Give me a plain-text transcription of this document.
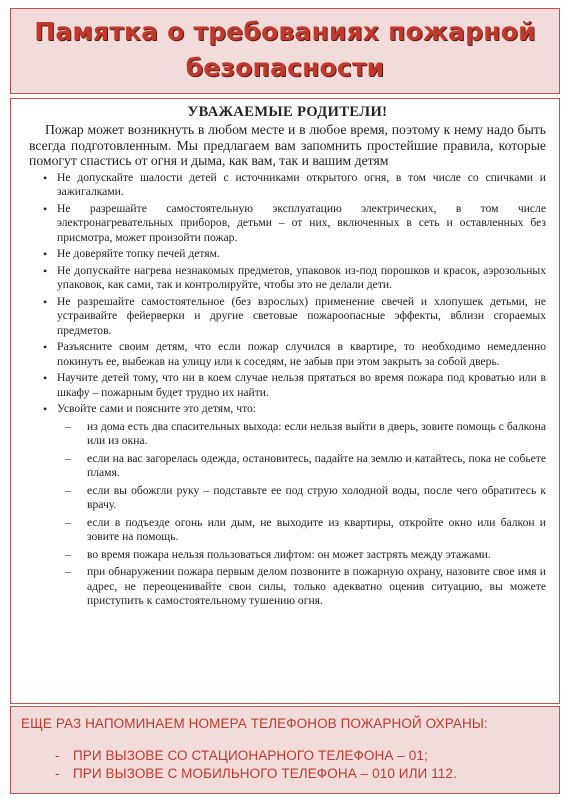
Памятка о требованиях пожарной
безопасности
УВАЖАЕМЫЕ РОДИТЕЛИ!

Пожар может возникнуть в любом месте и в любое время, поэтому к нему надо быть всегда подготовленным. Мы предлагаем вам запомнить простейшие правила, которые помогут спастись от огня и дыма, как вам, так и вашим детям

• Не допускайте шалости детей с источниками открытого огня, в том числе со спичками и зажигалками.
• Не разрешайте самостоятельную эксплуатацию электрических, в том числе электронагревательных приборов, детьми – от них, включенных в сеть и оставленных без присмотра, может произойти пожар.
• Не доверяйте топку печей детям.
• Не допускайте нагрева незнакомых предметов, упаковок из-под порошков и красок, аэрозольных упаковок, как сами, так и контролируйте, чтобы это не делали дети.
• Не разрешайте самостоятельное (без взрослых) применение свечей и хлопушек детьми, не устраивайте фейерверки и другие световые пожароопасные эффекты, вблизи сгораемых предметов.
• Разъясните своим детям, что если пожар случился в квартире, то необходимо немедленно покинуть ее, выбежав на улицу или к соседям, не забыв при этом закрыть за собой дверь.
• Научите детей тому, что ни в коем случае нельзя прятаться во время пожара под кроватью или в шкафу – пожарным будет трудно их найти.
• Усвойте сами и поясните это детям, что:
– из дома есть два спасительных выхода: если нельзя выйти в дверь, зовите помощь с балкона или из окна.
– если на вас загорелась одежда, остановитесь, падайте на землю и катайтесь, пока не собьете пламя.
– если вы обожгли руку – подставьте ее под струю холодной воды, после чего обратитесь к врачу.
– если в подъезде огонь или дым, не выходите из квартиры, откройте окно или балкон и зовите на помощь.
– во время пожара нельзя пользоваться лифтом: он может застрять между этажами.
– при обнаружении пожара первым делом позвоните в пожарную охрану, назовите свое имя и адрес, не переоценивайте свои силы, только адекватно оценив ситуацию, вы можете приступить к самостоятельному тушению огня.
ЕЩЕ РАЗ НАПОМИНАЕМ НОМЕРА ТЕЛЕФОНОВ ПОЖАРНОЙ ОХРАНЫ:
- ПРИ ВЫЗОВЕ СО СТАЦИОНАРНОГО ТЕЛЕФОНА – 01;
- ПРИ ВЫЗОВЕ С МОБИЛЬНОГО ТЕЛЕФОНА – 010 ИЛИ 112.
